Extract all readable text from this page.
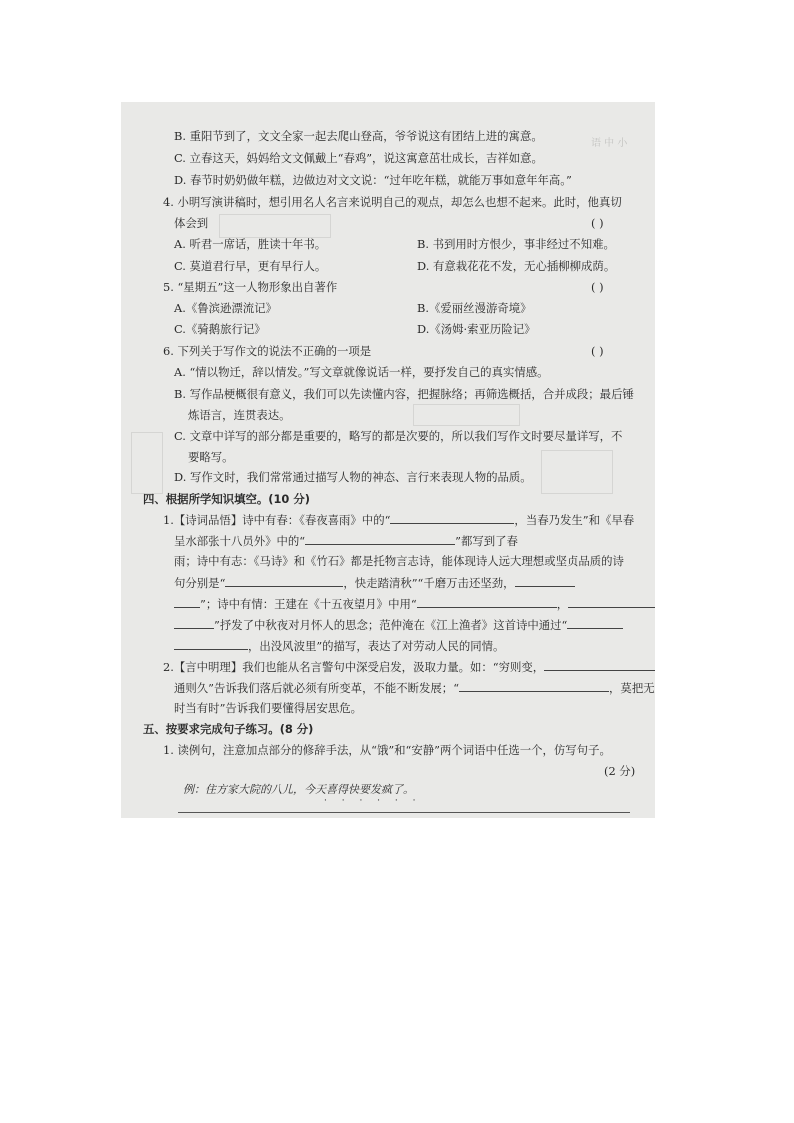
语 中 小
B. 重阳节到了，文文全家一起去爬山登高，爷爷说这有团结上进的寓意。
C. 立春这天，妈妈给文文佩戴上“春鸡”，说这寓意茁壮成长，吉祥如意。
D. 春节时奶奶做年糕，边做边对文文说：“过年吃年糕，就能万事如意年年高。”
4. 小明写演讲稿时，想引用名人名言来说明自己的观点，却怎么也想不起来。此时，他真切
体会到	( )
A. 听君一席话，胜读十年书。	B. 书到用时方恨少，事非经过不知难。
C. 莫道君行早，更有早行人。	D. 有意栽花花不发，无心插柳柳成荫。
5. “星期五”这一人物形象出自著作	( )
A.《鲁滨逊漂流记》	B.《爱丽丝漫游奇境》
C.《骑鹅旅行记》	D.《汤姆·索亚历险记》
6. 下列关于写作文的说法不正确的一项是	( )
A. “情以物迁，辞以情发。”写文章就像说话一样，要抒发自己的真实情感。
B. 写作品梗概很有意义，我们可以先读懂内容，把握脉络；再筛选概括，合并成段；最后锤
炼语言，连贯表达。
C. 文章中详写的部分都是重要的，略写的都是次要的，所以我们写作文时要尽量详写，不
要略写。
D. 写作文时，我们常常通过描写人物的神态、言行来表现人物的品质。
四、根据所学知识填空。(10 分)
1.【诗词品悟】诗中有春：《春夜喜雨》中的“	，当春乃发生”和《早春
呈水部张十八员外》中的“	”都写到了春
雨；诗中有志：《马诗》和《竹石》都是托物言志诗，能体现诗人远大理想或坚贞品质的诗
句分别是“	，快走踏清秋”“千磨万击还坚劲，
”；诗中有情：王建在《十五夜望月》中用“	，
”抒发了中秋夜对月怀人的思念；范仲淹在《江上渔者》这首诗中通过“
，出没风波里”的描写，表达了对劳动人民的同情。
2.【言中明理】我们也能从名言警句中深受启发，汲取力量。如：“穷则变，
通则久”告诉我们落后就必须有所变革，不能不断发展；“	，莫把无
时当有时”告诉我们要懂得居安思危。
五、按要求完成句子练习。(8 分)
1. 读例句，注意加点部分的修辞手法，从“饿”和“安静”两个词语中任选一个，仿写句子。
(2 分)
例：住方家大院的八儿，今天喜得快要发疯了。
· · · · · ·
